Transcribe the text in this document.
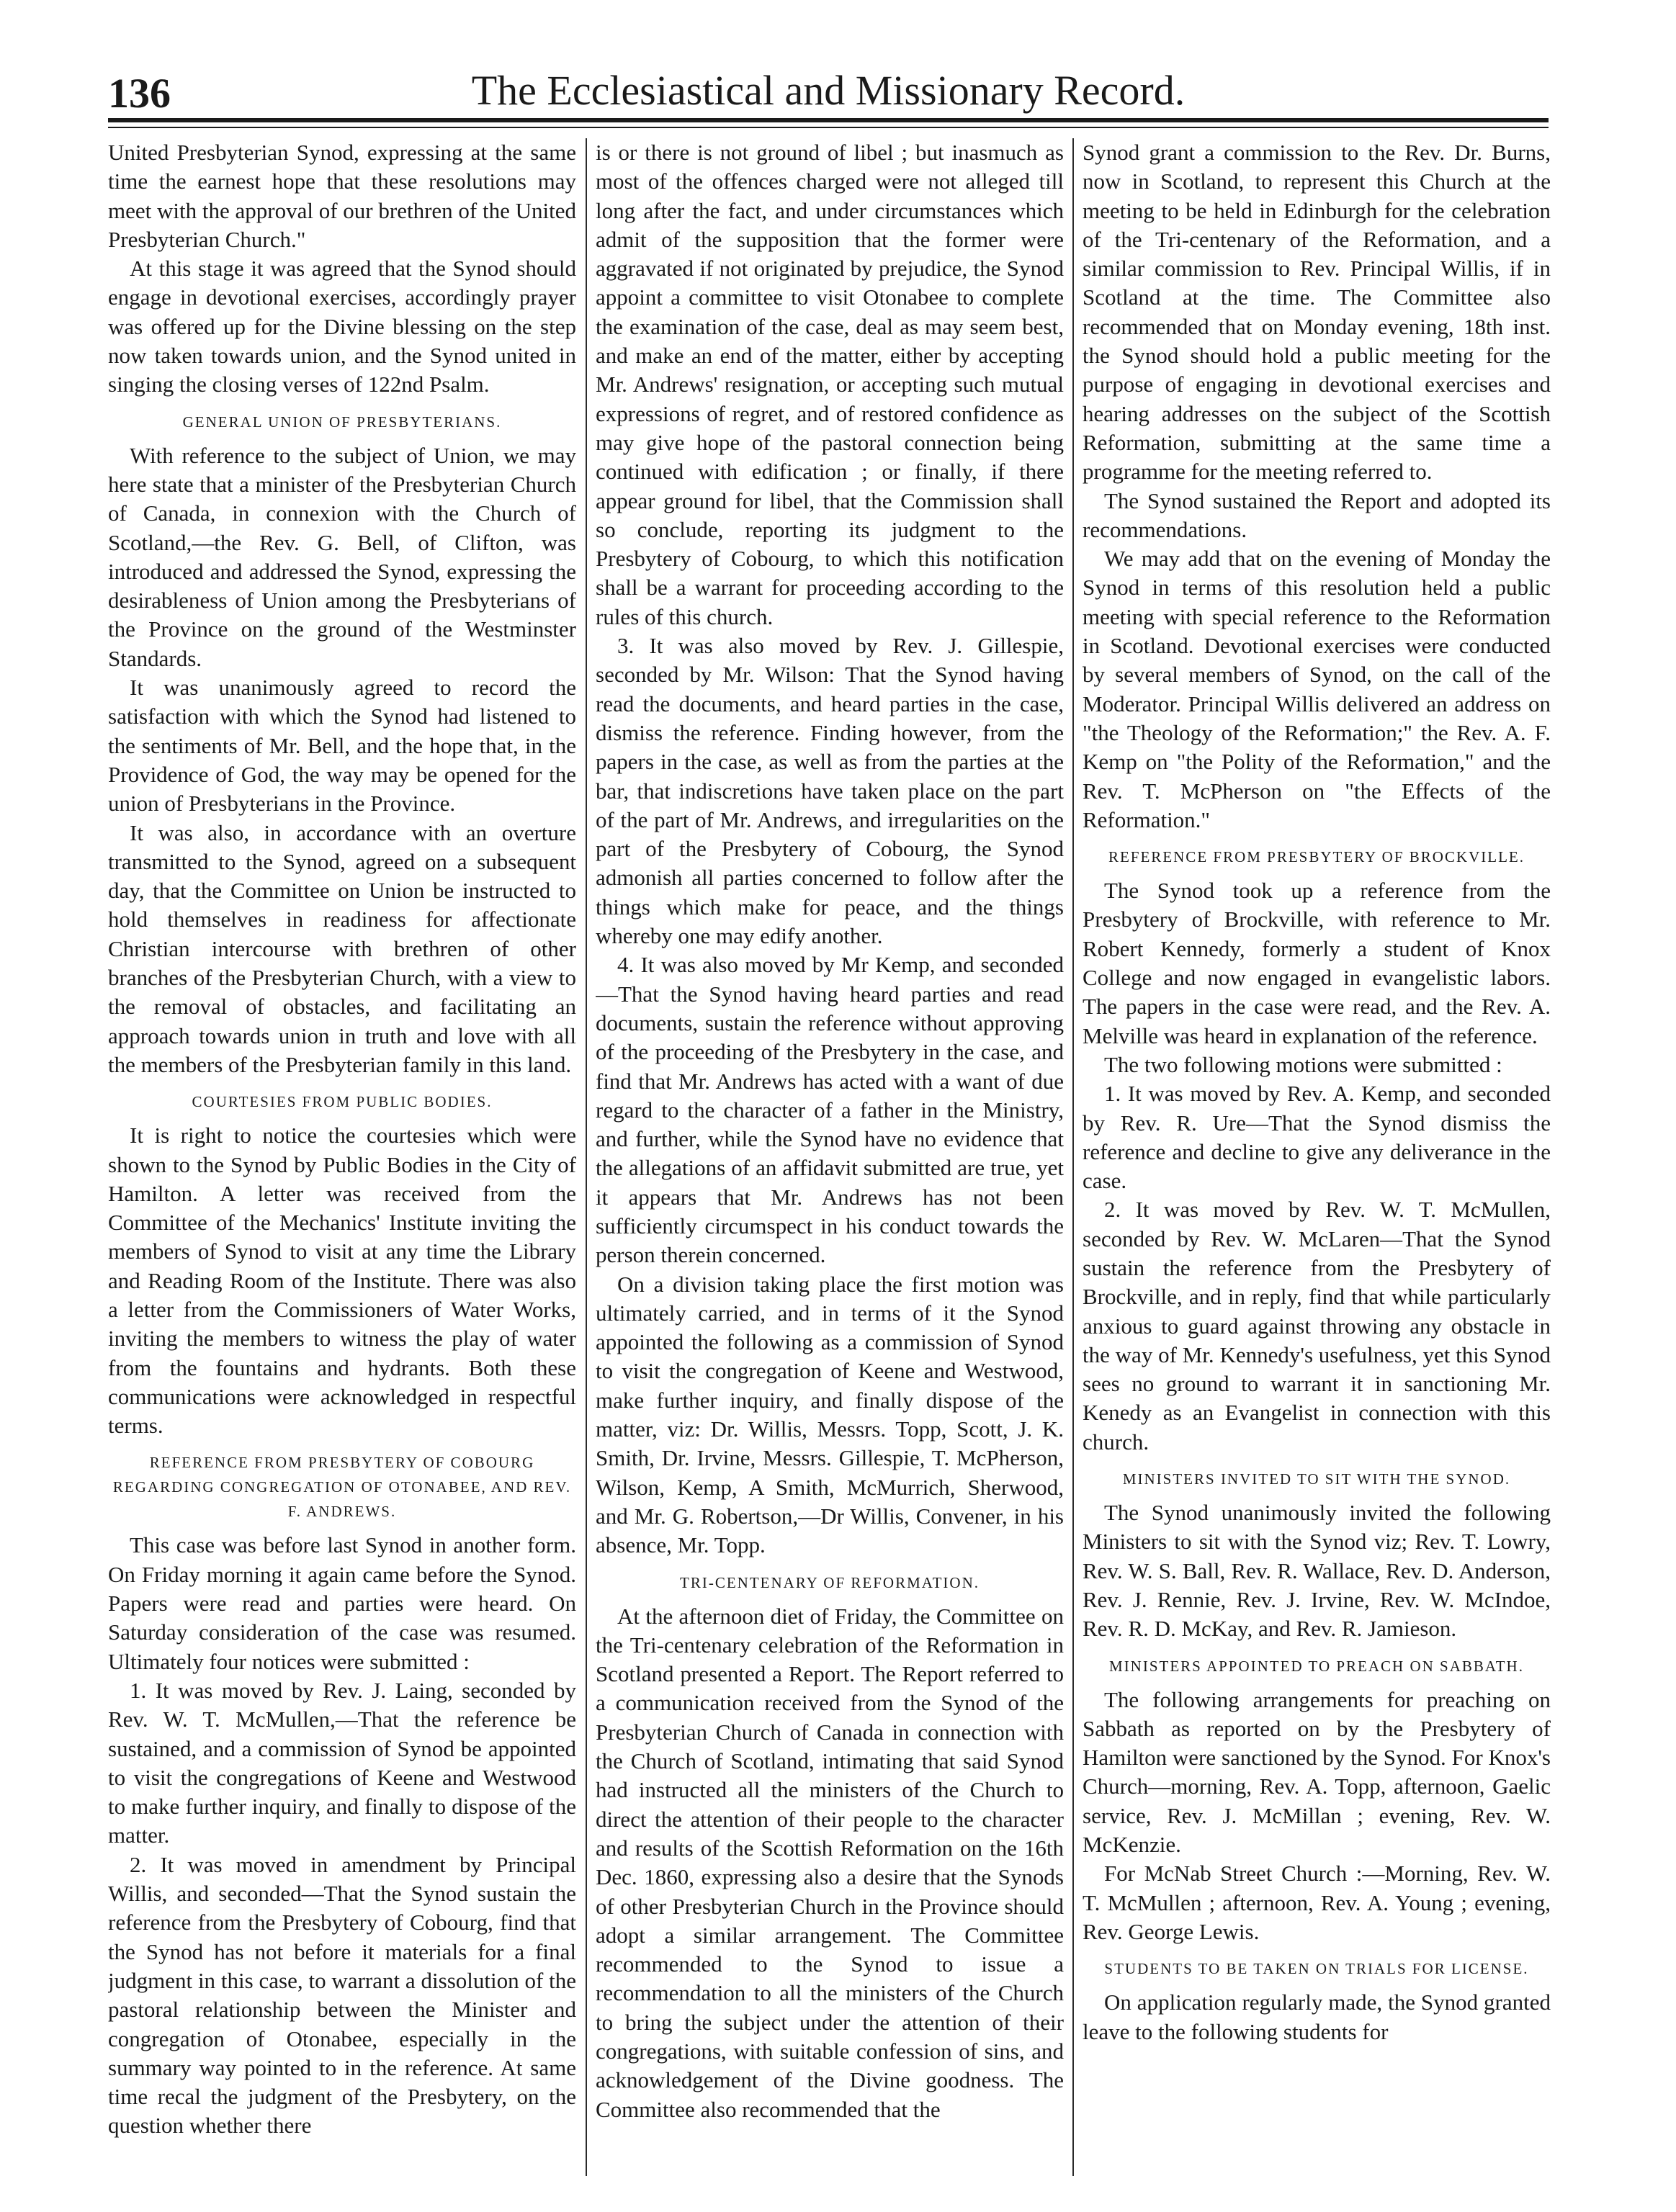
136	The Ecclesiastical and Missionary Record.

United Presbyterian Synod, expressing at the same time the earnest hope that these resolutions may meet with the approval of our brethren of the United Presbyterian Church."

At this stage it was agreed that the Synod should engage in devotional exercises, accordingly prayer was offered up for the Divine blessing on the step now taken towards union, and the Synod united in singing the closing verses of 122nd Psalm.

GENERAL UNION OF PRESBYTERIANS.

With reference to the subject of Union, we may here state that a minister of the Presbyterian Church of Canada, in connexion with the Church of Scotland,—the Rev. G. Bell, of Clifton, was introduced and addressed the Synod, expressing the desirableness of Union among the Presbyterians of the Province on the ground of the Westminster Standards.

It was unanimously agreed to record the satisfaction with which the Synod had listened to the sentiments of Mr. Bell, and the hope that, in the Providence of God, the way may be opened for the union of Presbyterians in the Province.

It was also, in accordance with an overture transmitted to the Synod, agreed on a subsequent day, that the Committee on Union be instructed to hold themselves in readiness for affectionate Christian intercourse with brethren of other branches of the Presbyterian Church, with a view to the removal of obstacles, and facilitating an approach towards union in truth and love with all the members of the Presbyterian family in this land.

COURTESIES FROM PUBLIC BODIES.

It is right to notice the courtesies which were shown to the Synod by Public Bodies in the City of Hamilton. A letter was received from the Committee of the Mechanics' Institute inviting the members of Synod to visit at any time the Library and Reading Room of the Institute. There was also a letter from the Commissioners of Water Works, inviting the members to witness the play of water from the fountains and hydrants. Both these communications were acknowledged in respectful terms.

REFERENCE FROM PRESBYTERY OF COBOURG REGARDING CONGREGATION OF OTONABEE, AND REV. F. ANDREWS.

This case was before last Synod in another form. On Friday morning it again came before the Synod. Papers were read and parties were heard. On Saturday consideration of the case was resumed. Ultimately four notices were submitted :

1. It was moved by Rev. J. Laing, seconded by Rev. W. T. McMullen,—That the reference be sustained, and a commission of Synod be appointed to visit the congregations of Keene and Westwood to make further inquiry, and finally to dispose of the matter.

2. It was moved in amendment by Principal Willis, and seconded—That the Synod sustain the reference from the Presbytery of Cobourg, find that the Synod has not before it materials for a final judgment in this case, to warrant a dissolution of the pastoral relationship between the Minister and congregation of Otonabee, especially in the summary way pointed to in the reference. At same time recal the judgment of the Presbytery, on the question whether there

is or there is not ground of libel ; but inasmuch as most of the offences charged were not alleged till long after the fact, and under circumstances which admit of the supposition that the former were aggravated if not originated by prejudice, the Synod appoint a committee to visit Otonabee to complete the examination of the case, deal as may seem best, and make an end of the matter, either by accepting Mr. Andrews' resignation, or accepting such mutual expressions of regret, and of restored confidence as may give hope of the pastoral connection being continued with edification ; or finally, if there appear ground for libel, that the Commission shall so conclude, reporting its judgment to the Presbytery of Cobourg, to which this notification shall be a warrant for proceeding according to the rules of this church.

3. It was also moved by Rev. J. Gillespie, seconded by Mr. Wilson: That the Synod having read the documents, and heard parties in the case, dismiss the reference. Finding however, from the papers in the case, as well as from the parties at the bar, that indiscretions have taken place on the part of the part of Mr. Andrews, and irregularities on the part of the Presbytery of Cobourg, the Synod admonish all parties concerned to follow after the things which make for peace, and the things whereby one may edify another.

4. It was also moved by Mr Kemp, and seconded—That the Synod having heard parties and read documents, sustain the reference without approving of the proceeding of the Presbytery in the case, and find that Mr. Andrews has acted with a want of due regard to the character of a father in the Ministry, and further, while the Synod have no evidence that the allegations of an affidavit submitted are true, yet it appears that Mr. Andrews has not been sufficiently circumspect in his conduct towards the person therein concerned.

On a division taking place the first motion was ultimately carried, and in terms of it the Synod appointed the following as a commission of Synod to visit the congregation of Keene and Westwood, make further inquiry, and finally dispose of the matter, viz: Dr. Willis, Messrs. Topp, Scott, J. K. Smith, Dr. Irvine, Messrs. Gillespie, T. McPherson, Wilson, Kemp, A Smith, McMurrich, Sherwood, and Mr. G. Robertson,—Dr Willis, Convener, in his absence, Mr. Topp.

TRI-CENTENARY OF REFORMATION.

At the afternoon diet of Friday, the Committee on the Tri-centenary celebration of the Reformation in Scotland presented a Report. The Report referred to a communication received from the Synod of the Presbyterian Church of Canada in connection with the Church of Scotland, intimating that said Synod had instructed all the ministers of the Church to direct the attention of their people to the character and results of the Scottish Reformation on the 16th Dec. 1860, expressing also a desire that the Synods of other Presbyterian Church in the Province should adopt a similar arrangement. The Committee recommended to the Synod to issue a recommendation to all the ministers of the Church to bring the subject under the attention of their congregations, with suitable confession of sins, and acknowledgement of the Divine goodness. The Committee also recommended that the

Synod grant a commission to the Rev. Dr. Burns, now in Scotland, to represent this Church at the meeting to be held in Edinburgh for the celebration of the Tri-centenary of the Reformation, and a similar commission to Rev. Principal Willis, if in Scotland at the time. The Committee also recommended that on Monday evening, 18th inst. the Synod should hold a public meeting for the purpose of engaging in devotional exercises and hearing addresses on the subject of the Scottish Reformation, submitting at the same time a programme for the meeting referred to.

The Synod sustained the Report and adopted its recommendations.

We may add that on the evening of Monday the Synod in terms of this resolution held a public meeting with special reference to the Reformation in Scotland. Devotional exercises were conducted by several members of Synod, on the call of the Moderator. Principal Willis delivered an address on "the Theology of the Reformation;" the Rev. A. F. Kemp on "the Polity of the Reformation," and the Rev. T. McPherson on "the Effects of the Reformation."

REFERENCE FROM PRESBYTERY OF BROCKVILLE.

The Synod took up a reference from the Presbytery of Brockville, with reference to Mr. Robert Kennedy, formerly a student of Knox College and now engaged in evangelistic labors. The papers in the case were read, and the Rev. A. Melville was heard in explanation of the reference.

The two following motions were submitted :

1. It was moved by Rev. A. Kemp, and seconded by Rev. R. Ure—That the Synod dismiss the reference and decline to give any deliverance in the case.

2. It was moved by Rev. W. T. McMullen, seconded by Rev. W. McLaren—That the Synod sustain the reference from the Presbytery of Brockville, and in reply, find that while particularly anxious to guard against throwing any obstacle in the way of Mr. Kennedy's usefulness, yet this Synod sees no ground to warrant it in sanctioning Mr. Kenedy as an Evangelist in connection with this church.

MINISTERS INVITED TO SIT WITH THE SYNOD.

The Synod unanimously invited the following Ministers to sit with the Synod viz; Rev. T. Lowry, Rev. W. S. Ball, Rev. R. Wallace, Rev. D. Anderson, Rev. J. Rennie, Rev. J. Irvine, Rev. W. McIndoe, Rev. R. D. McKay, and Rev. R. Jamieson.

MINISTERS APPOINTED TO PREACH ON SABBATH.

The following arrangements for preaching on Sabbath as reported on by the Presbytery of Hamilton were sanctioned by the Synod. For Knox's Church—morning, Rev. A. Topp, afternoon, Gaelic service, Rev. J. McMillan ; evening, Rev. W. McKenzie.

For McNab Street Church :—Morning, Rev. W. T. McMullen ; afternoon, Rev. A. Young ; evening, Rev. George Lewis.

STUDENTS TO BE TAKEN ON TRIALS FOR LICENSE.

On application regularly made, the Synod granted leave to the following students for
